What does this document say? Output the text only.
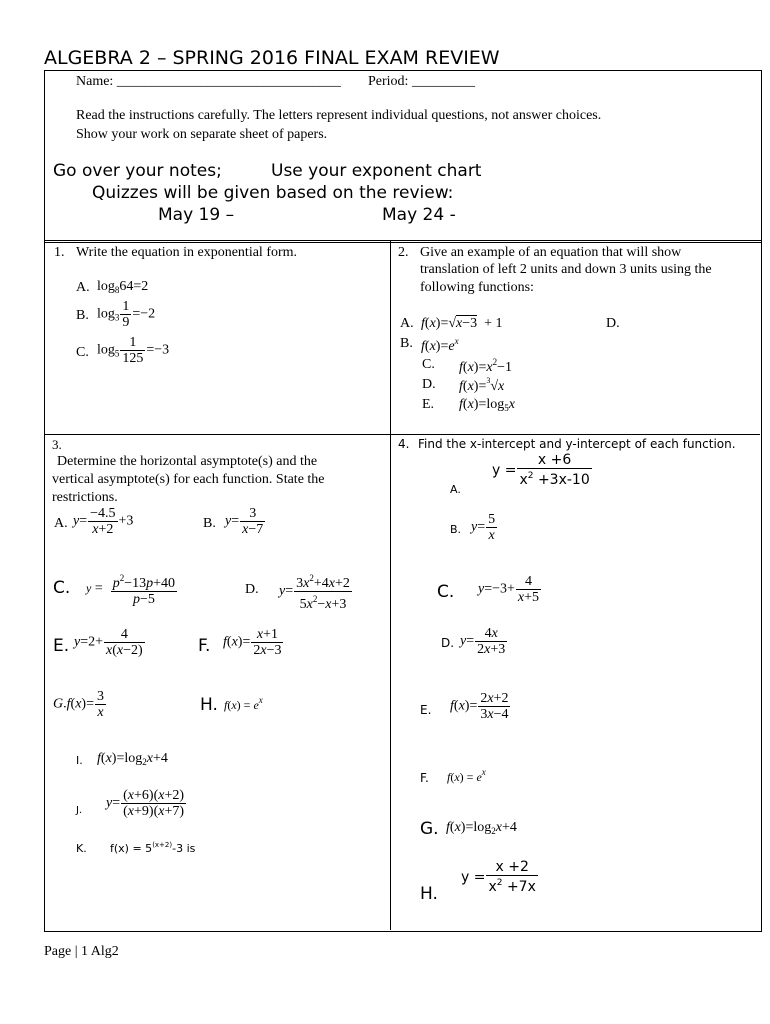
ALGEBRA 2 – SPRING 2016 FINAL EXAM REVIEW
Name: ________________________________ Period: _________
Read the instructions carefully. The letters represent individual questions, not answer choices.
Show your work on separate sheet of papers.
Go over your notes;	Use your exponent chart
Quizzes will be given based on the review:
May 19 –	May 24 -
1. Write the equation in exponential form.
A. $\log_864=2$
B. $\log_3 \frac{1}{9} =-2$
C. $\log_5 \frac{1}{125} =-3$
2. Give an example of an equation that will show
translation of left 2 units and down 3 units using the
following functions:
A. f(x)=√x−3  + 1	D.
B. $f(x)=e^x$
C. $f(x)=x^2-1$
D. f(x)=$^3$√x
E. $f(x)=\log_5x$
3.
Determine the horizontal asymptote(s) and the
vertical asymptote(s) for each function. State the
restrictions.
A. $y= \frac{-4.5}{x+2} +3$	B. $y= \frac{3}{x-7}$
C. $y = \frac{p^2-13p+40}{p-5}$	D. $y= \frac{3x^2+4x+2}{5x^2-x+3}$
E. $y=2+ \frac{4}{x(x-2)}$	F. $f(x)= \frac{x+1}{2x-3}$
$G.f(x)= \frac{3}{x}$	H. $f(x) = e^x$
I. $f(x)=\log_2x+4$
J. $y= \frac{(x+6)(x+2)}{(x+9)(x+7)}$
K. $f(x) = 5^{(x+2)}-3$ is
4. Find the x-intercept and y-intercept of each function.
A.
$y = \frac{x +6}{x^2 +3x-10}$
B. $y= \frac{5}{x}$
C. $y=-3+ \frac{4}{x+5}$
D. $y= \frac{4x}{2x+3}$
E. $f(x)= \frac{2x+2}{3x-4}$
F. $f(x) = e^x$
G. $f(x)=\log_2x+4$
H.
$y = \frac{x +2}{x^2 +7x}$
Page | 1 Alg2
